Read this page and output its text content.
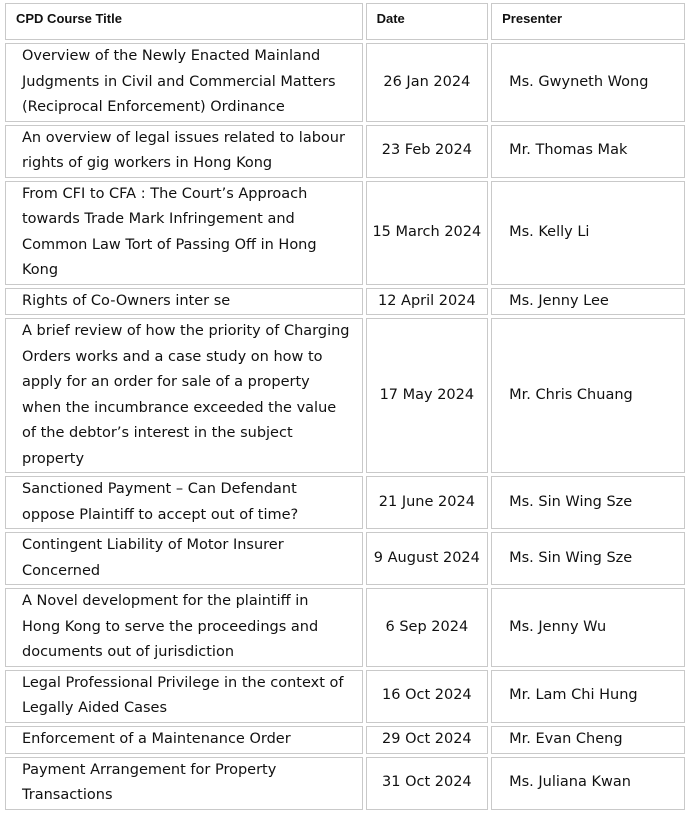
CPD Course Title	Date	Presenter
Overview of the Newly Enacted Mainland Judgments in Civil and Commercial Matters (Reciprocal Enforcement) Ordinance	26 Jan 2024	Ms. Gwyneth Wong
An overview of legal issues related to labour rights of gig workers in Hong Kong	23 Feb 2024	Mr. Thomas Mak
From CFI to CFA : The Court’s Approach towards Trade Mark Infringement and Common Law Tort of Passing Off in Hong Kong	15 March 2024	Ms. Kelly Li
Rights of Co-Owners inter se	12 April 2024	Ms. Jenny Lee
A brief review of how the priority of Charging Orders works and a case study on how to apply for an order for sale of a property when the incumbrance exceeded the value of the debtor’s interest in the subject property	17 May 2024	Mr. Chris Chuang
Sanctioned Payment – Can Defendant oppose Plaintiff to accept out of time?	21 June 2024	Ms. Sin Wing Sze
Contingent Liability of Motor Insurer Concerned	9 August 2024	Ms. Sin Wing Sze
A Novel development for the plaintiff in Hong Kong to serve the proceedings and documents out of jurisdiction	6 Sep 2024	Ms. Jenny Wu
Legal Professional Privilege in the context of Legally Aided Cases	16 Oct 2024	Mr. Lam Chi Hung
Enforcement of a Maintenance Order	29 Oct 2024	Mr. Evan Cheng
Payment Arrangement for Property Transactions	31 Oct 2024	Ms. Juliana Kwan
